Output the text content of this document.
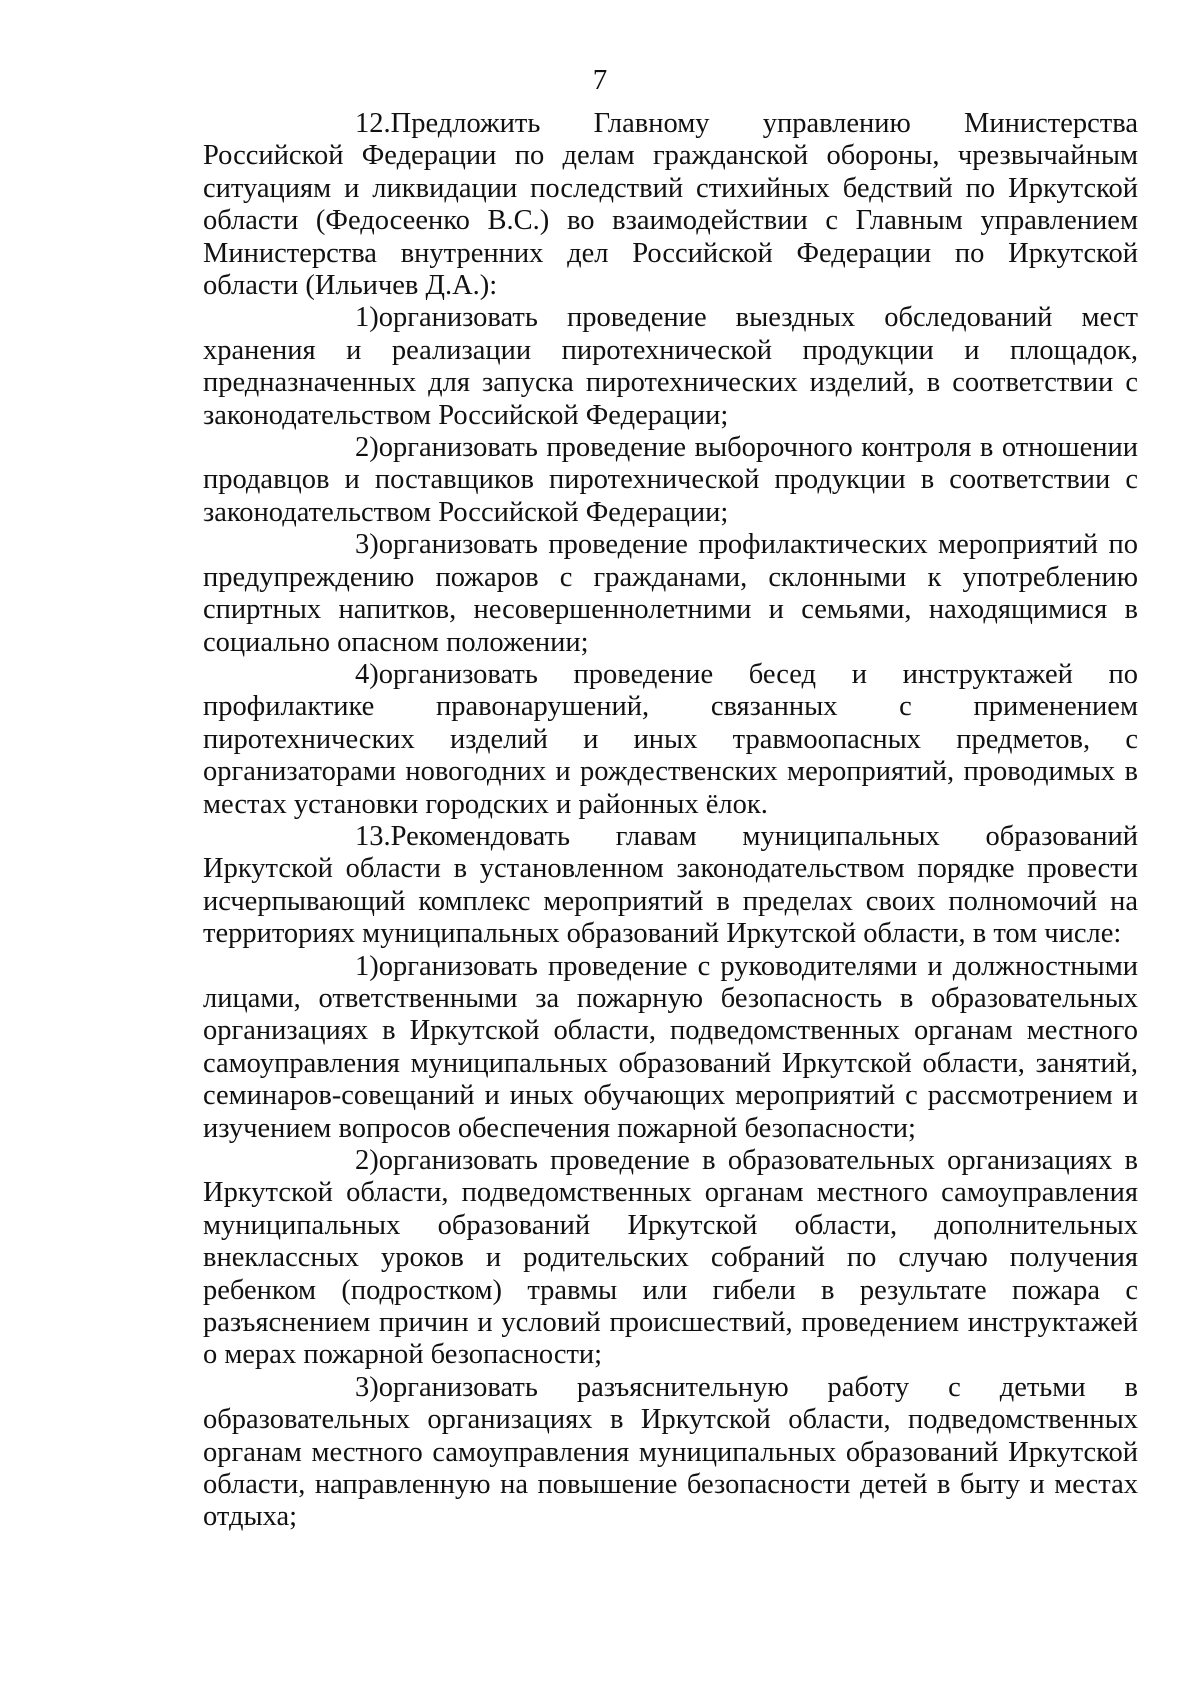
7

12.Предложить Главному управлению Министерства Российской Федерации по делам гражданской обороны, чрезвычайным ситуациям и ликвидации последствий стихийных бедствий по Иркутской области (Федосеенко В.С.) во взаимодействии с Главным управлением Министерства внутренних дел Российской Федерации по Иркутской области (Ильичев Д.А.):

1)организовать проведение выездных обследований мест хранения и реализации пиротехнической продукции и площадок, предназначенных для запуска пиротехнических изделий, в соответствии с законодательством Российской Федерации;

2)организовать проведение выборочного контроля в отношении продавцов и поставщиков пиротехнической продукции в соответствии с законодательством Российской Федерации;

3)организовать проведение профилактических мероприятий по предупреждению пожаров с гражданами, склонными к употреблению спиртных напитков, несовершеннолетними и семьями, находящимися в социально опасном положении;

4)организовать проведение бесед и инструктажей по профилактике правонарушений, связанных с применением пиротехнических изделий и иных травмоопасных предметов, с организаторами новогодних и рождественских мероприятий, проводимых в местах установки городских и районных ёлок.

13.Рекомендовать главам муниципальных образований Иркутской области в установленном законодательством порядке провести исчерпывающий комплекс мероприятий в пределах своих полномочий на территориях муниципальных образований Иркутской области, в том числе:

1)организовать проведение с руководителями и должностными лицами, ответственными за пожарную безопасность в образовательных организациях в Иркутской области, подведомственных органам местного самоуправления муниципальных образований Иркутской области, занятий, семинаров-совещаний и иных обучающих мероприятий с рассмотрением и изучением вопросов обеспечения пожарной безопасности;

2)организовать проведение в образовательных организациях в Иркутской области, подведомственных органам местного самоуправления муниципальных образований Иркутской области, дополнительных внеклассных уроков и родительских собраний по случаю получения ребенком (подростком) травмы или гибели в результате пожара с разъяснением причин и условий происшествий, проведением инструктажей о мерах пожарной безопасности;

3)организовать разъяснительную работу с детьми в образовательных организациях в Иркутской области, подведомственных органам местного самоуправления муниципальных образований Иркутской области, направленную на повышение безопасности детей в быту и местах отдыха;
